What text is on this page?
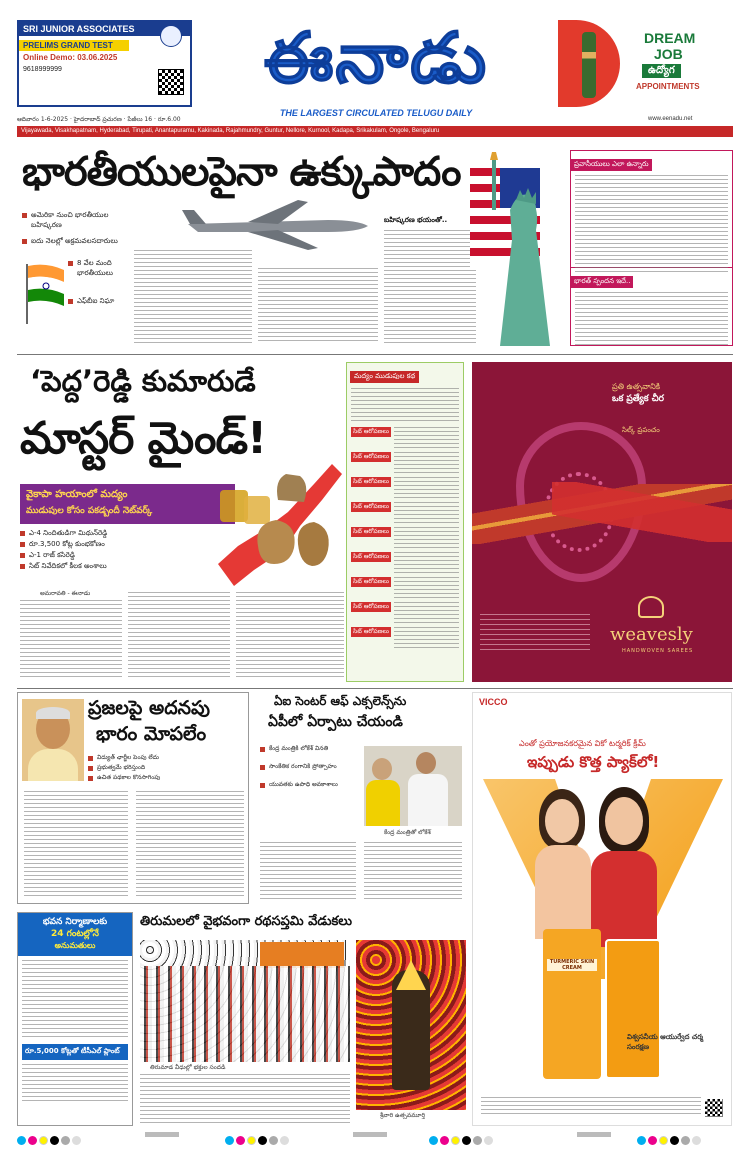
SRI JUNIOR ASSOCIATES
PRELIMS GRAND TEST
Online Demo: 03.06.2025
9618999999	ఈనాడు
THE LARGEST CIRCULATED TELUGU DAILY
DREAM
JOB
ఉద్యోగ
APPOINTMENTS
ఆదివారం 1-6-2025 · హైదరాబాద్ ప్రచురణ · పేజీలు 16 · రూ.6.00	www.eenadu.net
Vijayawada, Visakhapatnam, Hyderabad, Tirupati, Anantapuramu, Kakinada, Rajahmundry, Guntur, Nellore, Kurnool, Kadapa, Srikakulam, Ongole, Bengaluru
భారతీయులపైనా ఉక్కుపాదం
అమెరికా నుంచి భారతీయుల బహిష్కరణ
ఐదు నెలల్లో అక్రమవలసదారులు
8 వేల మంది భారతీయులు
ఎఫ్‌బీఐ నిఘా
బహిష్కరణ భయంతో..
ప్రవాసీయులు ఎలా ఉన్నారు
భారత్ స్పందన ఇదే..
‘పెద్ద’రెడ్డి కుమారుడే
మాస్టర్ మైండ్!
వైకాపా హయాంలో మద్యం
ముడుపుల కోసం పకడ్బందీ నెట్‌వర్క్
ఎ-4 నిందితుడిగా మిథున్‌రెడ్డి
రూ.3,500 కోట్ల కుంభకోణం
ఎ-1 రాజ్ కసిరెడ్డి
సిట్ నివేదికలో కీలక అంశాలు
అమరావతి - ఈనాడు
మద్యం ముడుపుల కథ
సిట్ ఆరోపణలు
సిట్ ఆరోపణలు
సిట్ ఆరోపణలు
సిట్ ఆరోపణలు
సిట్ ఆరోపణలు
సిట్ ఆరోపణలు
సిట్ ఆరోపణలు
సిట్ ఆరోపణలు
సిట్ ఆరోపణలు
ప్రతి ఉత్సవానికి
ఒక ప్రత్యేక చీర
సిల్క్ ప్రపంచం
weavesly
HANDWOVEN SAREES
ప్రజలపై అదనపు
భారం మోపలేం
విద్యుత్ ఛార్జీల పెంపు లేదు
ప్రభుత్వమే భరిస్తుంది
ఉచిత పథకాల కొనసాగింపు
ఏఐ సెంటర్ ఆఫ్ ఎక్సలెన్స్‌ను
ఏపీలో ఏర్పాటు చేయండి
కేంద్ర మంత్రికి లోకేశ్ వినతి
సాంకేతిక రంగానికి ప్రోత్సాహం
యువతకు ఉపాధి అవకాశాలు
కేంద్ర మంత్రితో లోకేశ్
VICCO
ఎంతో ప్రయోజనకరమైన వికో టర్మరిక్ క్రీమ్
ఇప్పుడు కొత్త ప్యాక్‌లో!
TURMERIC SKIN CREAM
విశ్వసనీయ ఆయుర్వేద చర్మ సంరక్షణ
భవన నిర్మాణాలకు
24 గంటల్లోనే
అనుమతులు
రూ.5,000 కోట్లతో టీసీఎల్ ప్లాంట్
తిరుమలలో వైభవంగా రథసప్తమి వేడుకలు
తిరుమాడ వీధుల్లో భక్తుల సందడి
శ్రీవారి ఉత్సవమూర్తి
